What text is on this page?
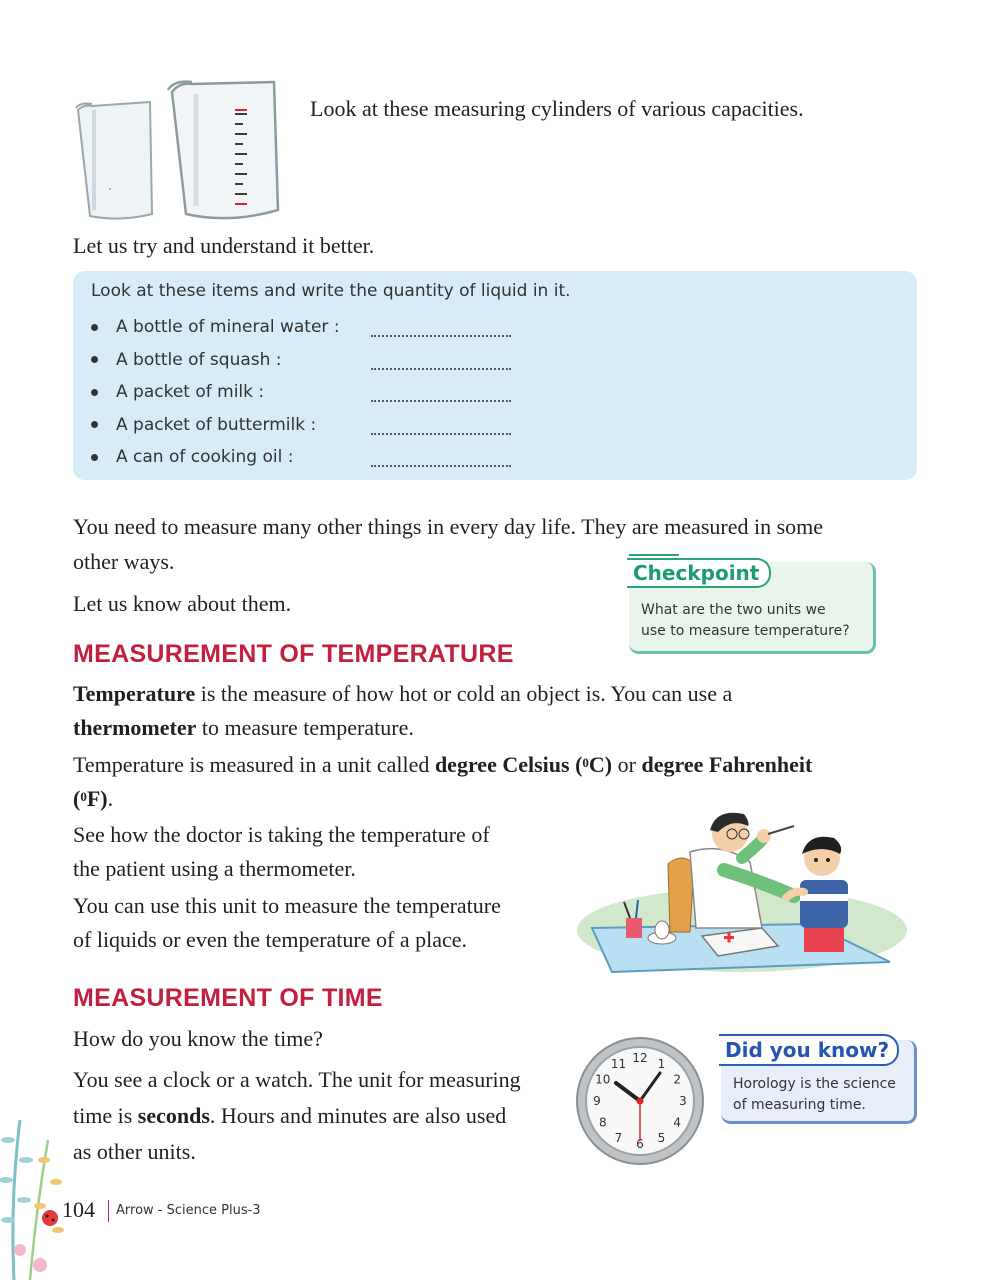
Look at these measuring cylinders of various capacities.
Let us try and understand it better.
Look at these items and write the quantity of liquid in it.
A bottle of mineral water :
A bottle of squash :
A packet of milk :
A packet of buttermilk :
A can of cooking oil :
You need to measure many other things in every day life. They are measured in some
other ways.
Let us know about them.
Checkpoint
What are the two units we
use to measure temperature?
MEASUREMENT OF TEMPERATURE
Temperature is the measure of how hot or cold an object is. You can use a
thermometer to measure temperature.
Temperature is measured in a unit called degree Celsius ($^0$C) or degree Fahrenheit
($^0$F).
See how the doctor is taking the temperature of
the patient using a thermometer.
You can use this unit to measure the temperature
of liquids or even the temperature of a place.
MEASUREMENT OF TIME
How do you know the time?
You see a clock or a watch. The unit for measuring
time is seconds. Hours and minutes are also used
as other units.
12 1
2
3
4
5
6
7
8
9
10
11
Did you know?
Horology is the science
of measuring time.
104 Arrow - Science Plus-3
